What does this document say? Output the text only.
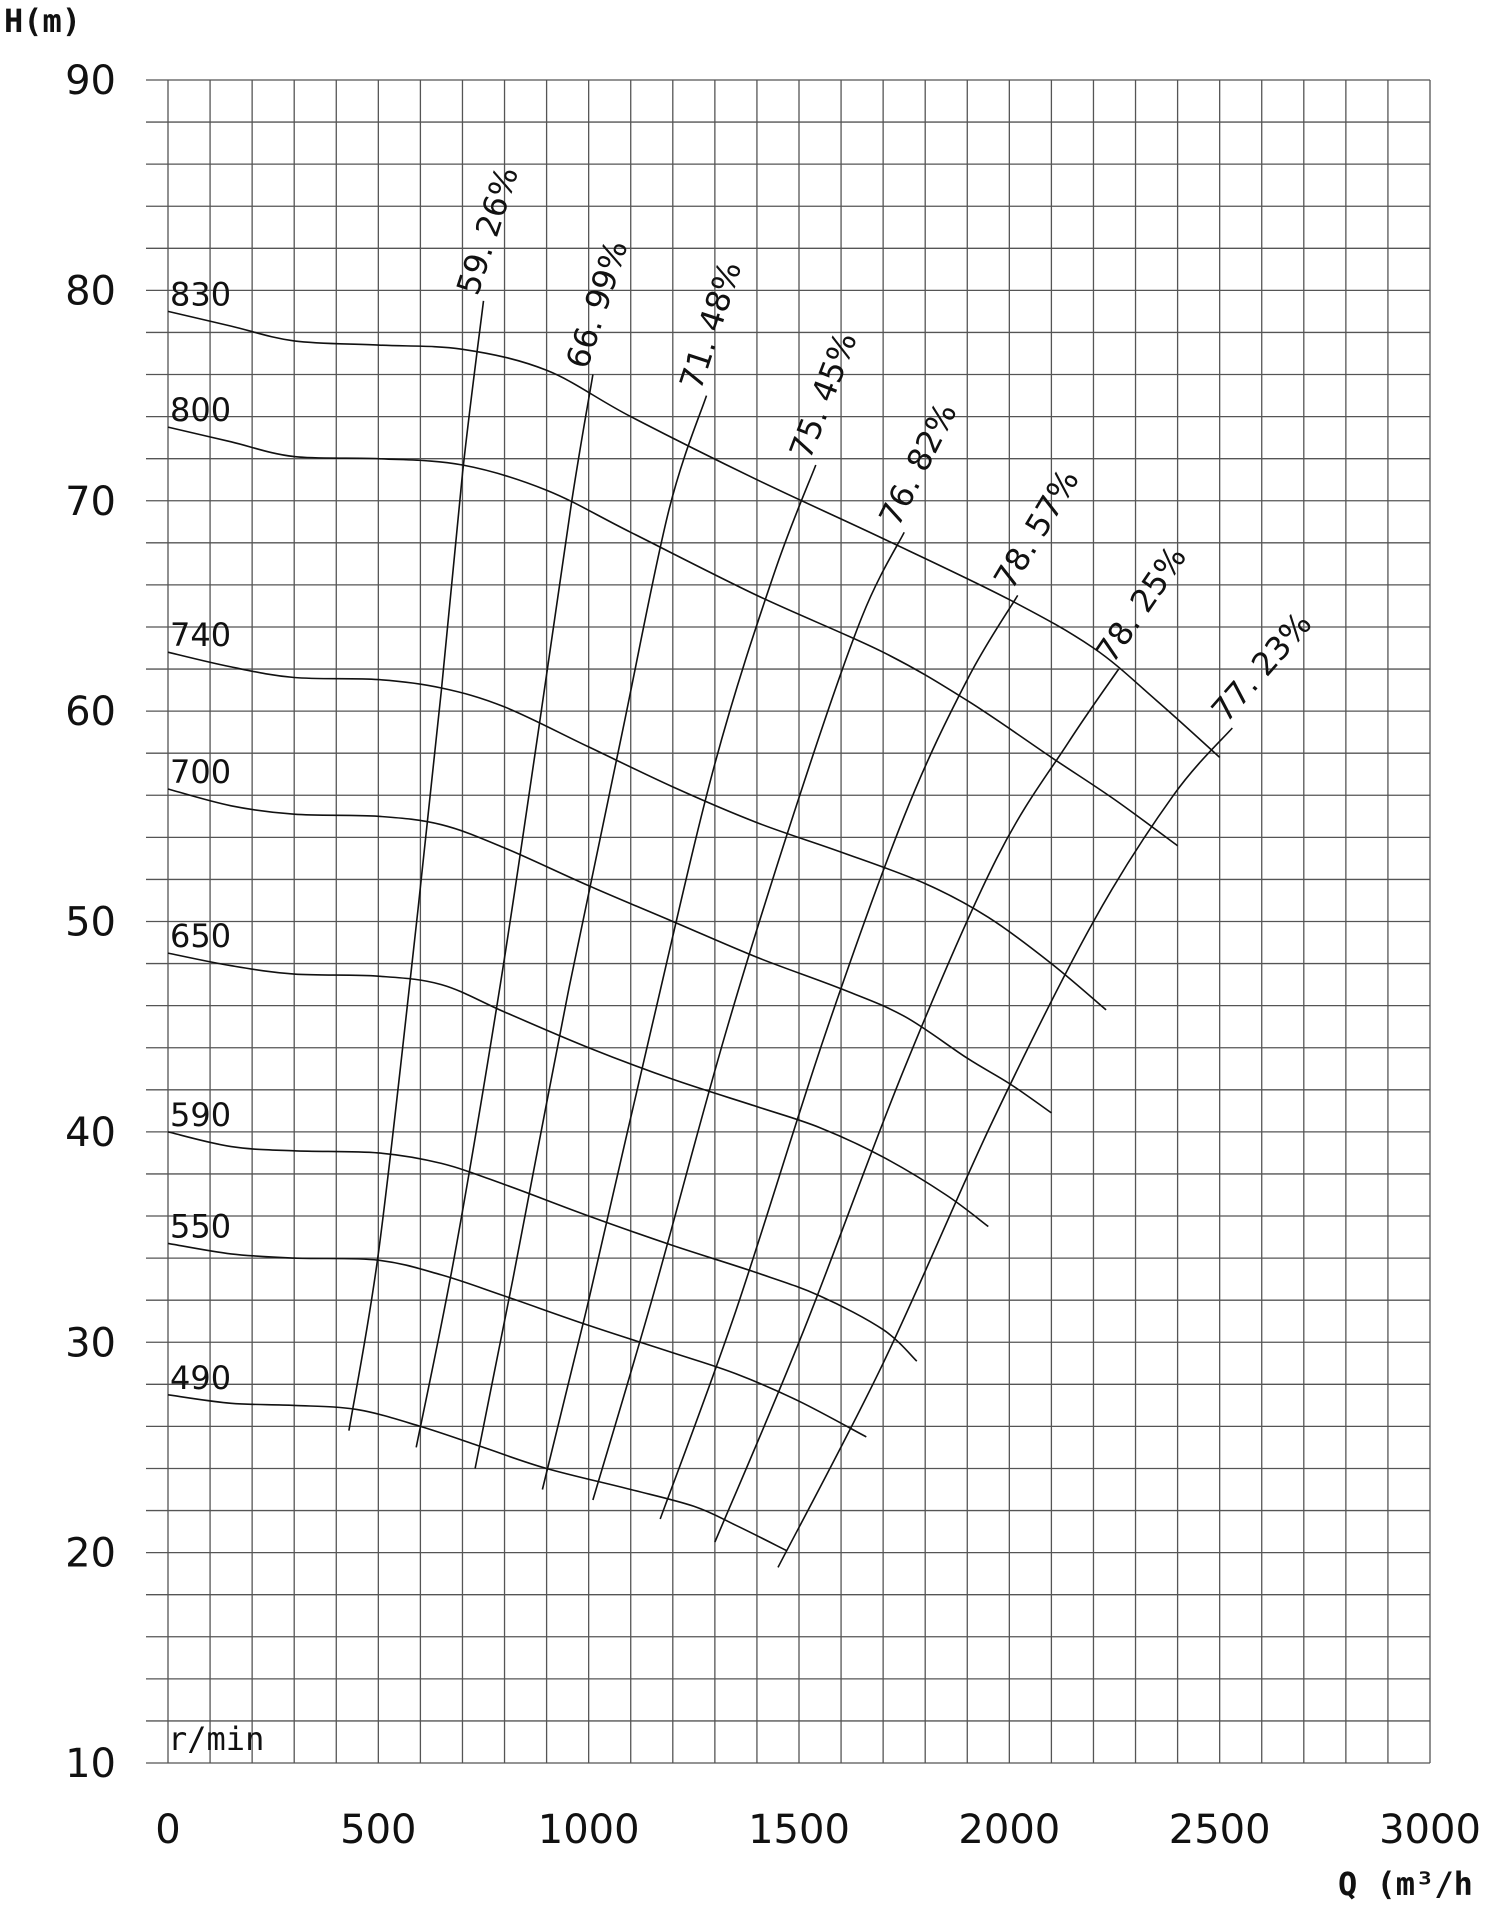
10
20
30
40
50
60
70
80
90
0	500	1000	1500	2000	2500	3000
830
800
740
700
650
590
550
490
59. 26%
66. 99% 71. 48%
75. 45%
76. 82% 78. 57%
78. 25% 77. 23%
H(m)
Q (m³/h
r/min
